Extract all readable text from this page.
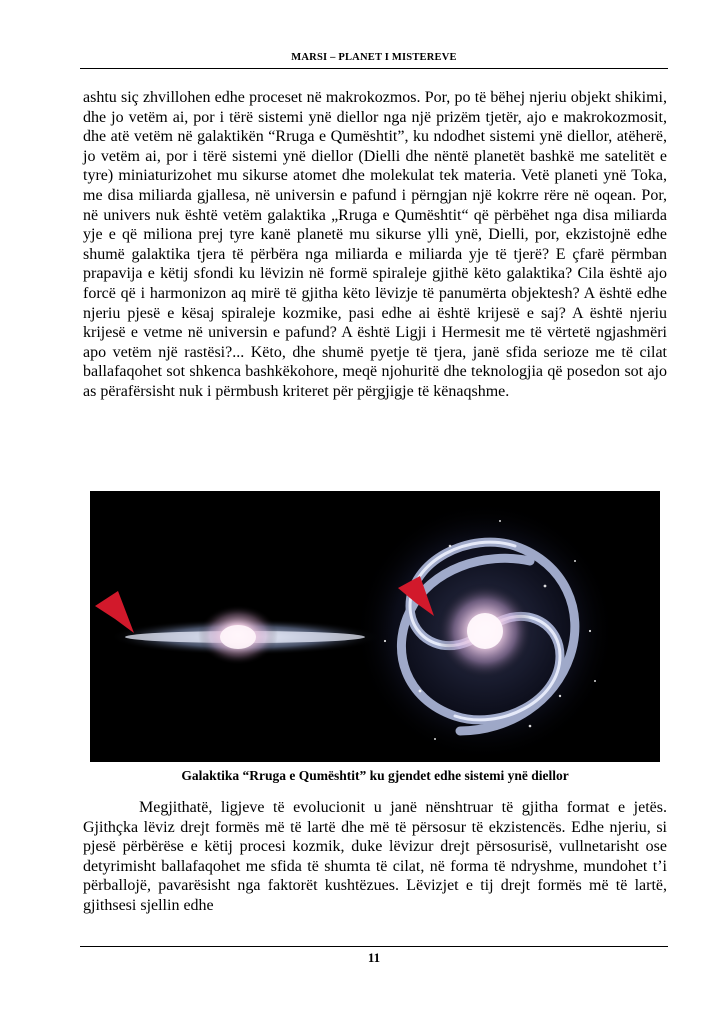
MARSI – PLANET I MISTEREVE

ashtu siç zhvillohen edhe proceset në makrokozmos. Por, po të bëhej njeriu objekt shikimi, dhe jo vetëm ai, por i tërë sistemi ynë diellor nga një prizëm tjetër, ajo e makrokozmosit, dhe atë vetëm në galaktikën “Rruga e Qumështit”, ku ndodhet sistemi ynë diellor, atëherë, jo vetëm ai, por i tërë sistemi ynë diellor (Dielli dhe nëntë planetët bashkë me satelitët e tyre) miniaturizohet mu sikurse atomet dhe molekulat tek materia. Vetë planeti ynë Toka, me disa miliarda gjallesa, në universin e pafund i përngjan një kokrre rëre në oqean. Por, në univers nuk është vetëm galaktika „Rruga e Qumështit“ që përbëhet nga disa miliarda yje e që miliona prej tyre kanë planetë mu sikurse ylli ynë, Dielli, por, ekzistojnë edhe shumë galaktika tjera të përbëra nga miliarda e miliarda yje të tjerë? E çfarë përmban prapavija e këtij sfondi ku lëvizin në formë spiraleje gjithë këto galaktika? Cila është ajo forcë që i harmonizon aq mirë të gjitha këto lëvizje të panumërta objektesh? A është edhe njeriu pjesë e kësaj spiraleje kozmike, pasi edhe ai është krijesë e saj? A është njeriu krijesë e vetme në universin e pafund? A është Ligji i Hermesit me të vërtetë ngjashmëri apo vetëm një rastësi?... Këto, dhe shumë pyetje të tjera, janë sfida serioze me të cilat ballafaqohet sot shkenca bashkëkohore, meqë njohuritë dhe teknologjia që posedon sot ajo as përafërsisht nuk i përmbush kriteret për përgjigje të kënaqshme.

Galaktika “Rruga e Qumështit” ku gjendet edhe sistemi ynë diellor

Megjithatë, ligjeve të evolucionit u janë nënshtruar të gjitha format e jetës. Gjithçka lëviz drejt formës më të lartë dhe më të përsosur të ekzistencës. Edhe njeriu, si pjesë përbërëse e këtij procesi kozmik, duke lëvizur drejt përsosurisë, vullnetarisht ose detyrimisht ballafaqohet me sfida të shumta të cilat, në forma të ndryshme, mundohet t’i përballojë, pavarësisht nga faktorët kushtëzues. Lëvizjet e tij drejt formës më të lartë, gjithsesi sjellin edhe

11
